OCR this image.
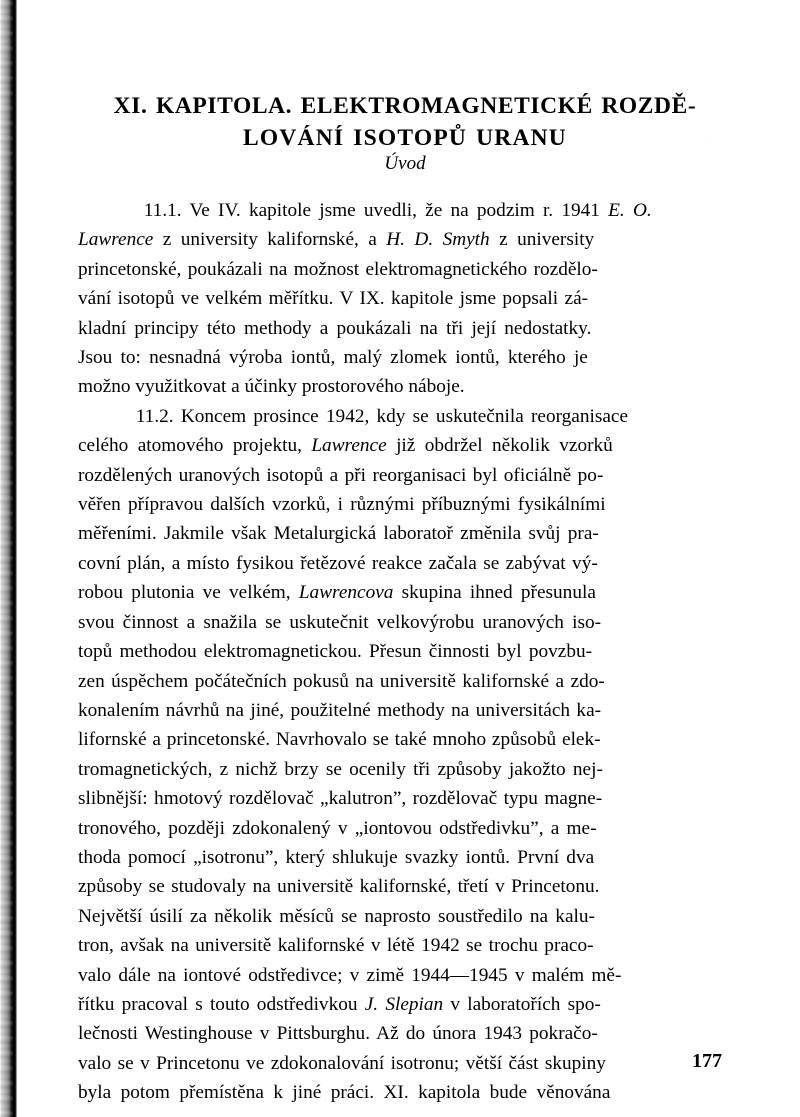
XI. KAPITOLA. ELEKTROMAGNETICKÉ ROZDĚ-
LOVÁNÍ ISOTOPŮ URANU
Úvod
11.1. Ve IV. kapitole jsme uvedli, že na podzim r. 1941 E. O.
Lawrence z university kalifornské, a H. D. Smyth z university
princetonské, poukázali na možnost elektromagnetického rozdělo-
vání isotopů ve velkém měřítku. V IX. kapitole jsme popsali zá-
kladní principy této methody a poukázali na tři její nedostatky.
Jsou to: nesnadná výroba iontů, malý zlomek iontů, kterého je
možno využitkovat a účinky prostorového náboje.
11.2. Koncem prosince 1942, kdy se uskutečnila reorganisace
celého atomového projektu, Lawrence již obdržel několik vzorků
rozdělených uranových isotopů a při reorganisaci byl oficiálně po-
věřen přípravou dalších vzorků, i různými příbuznými fysikálními
měřeními. Jakmile však Metalurgická laboratoř změnila svůj pra-
covní plán, a místo fysikou řetězové reakce začala se zabývat vý-
robou plutonia ve velkém, Lawrencova skupina ihned přesunula
svou činnost a snažila se uskutečnit velkovýrobu uranových iso-
topů methodou elektromagnetickou. Přesun činnosti byl povzbu-
zen úspěchem počátečních pokusů na universitě kalifornské a zdo-
konalením návrhů na jiné, použitelné methody na universitách ka-
lifornské a princetonské. Navrhovalo se také mnoho způsobů elek-
tromagnetických, z nichž brzy se ocenily tři způsoby jakožto nej-
slibnější: hmotový rozdělovač „kalutron”, rozdělovač typu magne-
tronového, později zdokonalený v „iontovou odstředivku”, a me-
thoda pomocí „isotronu”, který shlukuje svazky iontů. První dva
způsoby se studovaly na universitě kalifornské, třetí v Princetonu.
Největší úsilí za několik měsíců se naprosto soustředilo na kalu-
tron, avšak na universitě kalifornské v létě 1942 se trochu praco-
valo dále na iontové odstředivce; v zimě 1944—1945 v malém mě-
řítku pracoval s touto odstředivkou J. Slepian v laboratořích spo-
lečnosti Westinghouse v Pittsburghu. Až do února 1943 pokračo-
valo se v Princetonu ve zdokonalování isotronu; větší část skupiny
byla potom přemístěna k jiné práci. XI. kapitola bude věnována
177
